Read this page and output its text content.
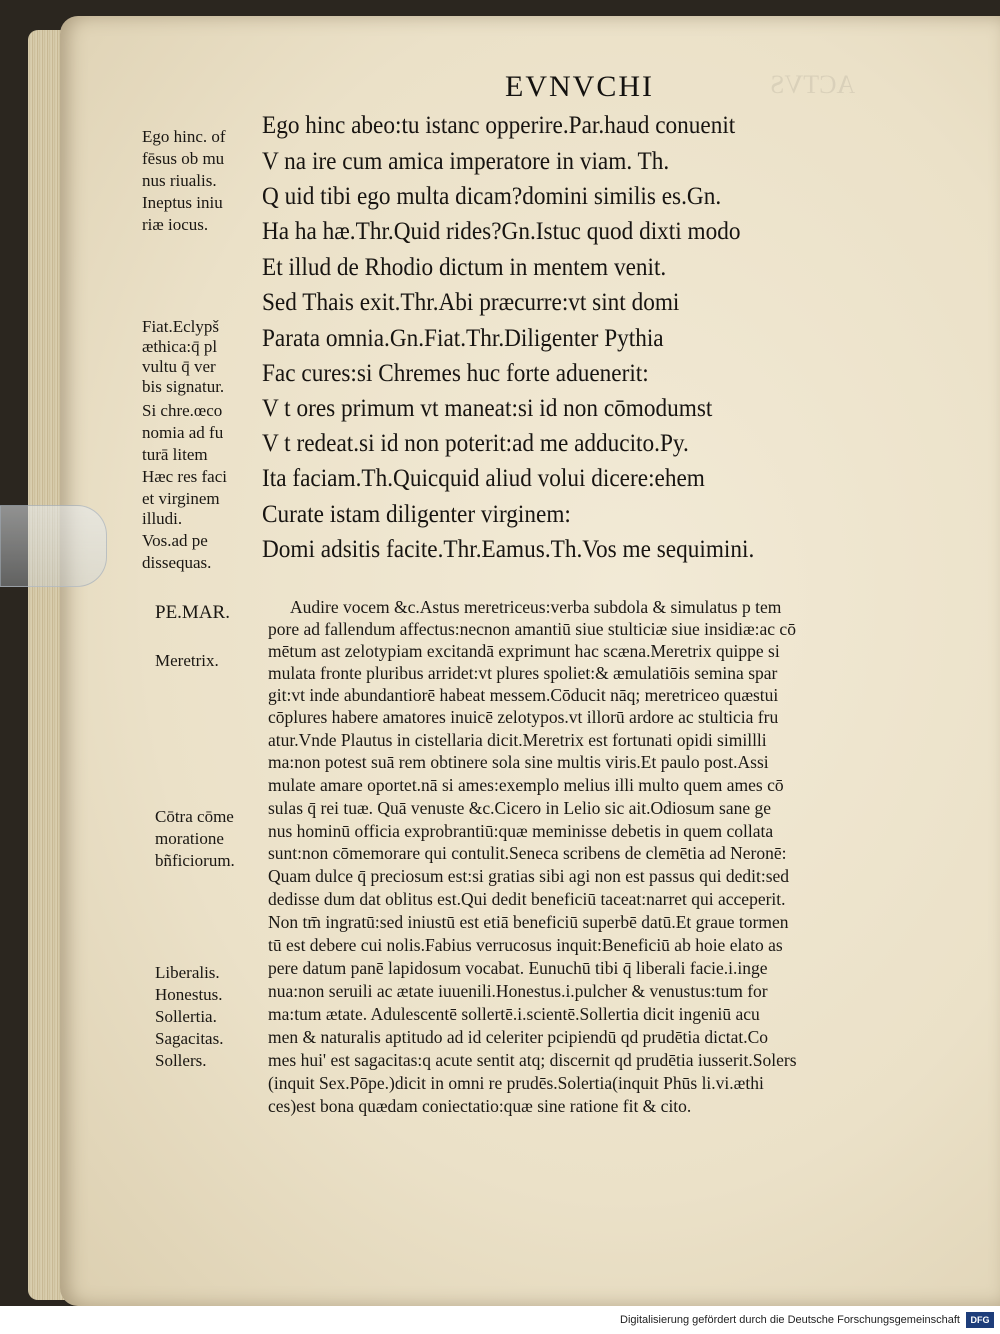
ACTVS
EVNVCHI
Ego hinc abeo:tu istanc opperire.Par.haud conuenit
V na ire cum amica imperatore in viam. Th.
Q uid tibi ego multa dicam?domini similis es.Gn.
Ha ha hæ.Thr.Quid rides?Gn.Istuc quod dixti modo
Et illud de Rhodio dictum in mentem venit.
Sed Thais exit.Thr.Abi præcurre:vt sint domi
Parata omnia.Gn.Fiat.Thr.Diligenter Pythia
Fac cures:si Chremes huc forte aduenerit:
V t ores primum vt maneat:si id non cōmodumst
V t redeat.si id non poterit:ad me adducito.Py.
Ita faciam.Th.Quicquid aliud volui dicere:ehem
Curate istam diligenter virginem:
Domi adsitis facite.Thr.Eamus.Th.Vos me sequimini.
Ego hinc. of
fēsus ob mu
nus riualis.
Ineptus iniu
riæ iocus.
Fiat.Eclypš
æthica:q̄ pl
vultu q̄ ver
bis signatur.
Si chre.œco
nomia ad fu
turā litem
Hæc res faci
et virginem
illudi.
Vos.ad pe
dissequas.
PE.MAR.
Meretrix.
Cōtra cōme
moratione
bñficiorum.
Liberalis.
Honestus.
Sollertia.
Sagacitas.
Sollers.
Audire vocem &c.Astus meretriceus:verba subdola & simulatus p tem
pore ad fallendum affectus:necnon amantiū siue stulticiæ siue insidiæ:ac cō
mētum ast zelotypiam excitandā exprimunt hac scæna.Meretrix quippe si
mulata fronte pluribus arridet:vt plures spoliet:& æmulatiōis semina spar
git:vt inde abundantiorē habeat messem.Cōducit nāq; meretriceo quæstui
cōplures habere amatores inuicē zelotypos.vt illorū ardore ac stulticia fru
atur.Vnde Plautus in cistellaria dicit.Meretrix est fortunati opidi simillli
ma:non potest suā rem obtinere sola sine multis viris.Et paulo post.Assi
mulate amare oportet.nā si ames:exemplo melius illi multo quem ames cō
sulas q̄ rei tuæ. Quā venuste &c.Cicero in Lelio sic ait.Odiosum sane ge
nus hominū officia exprobrantiū:quæ meminisse debetis in quem collata
sunt:non cōmemorare qui contulit.Seneca scribens de clemētia ad Neronē:
Quam dulce q̄ preciosum est:si gratias sibi agi non est passus qui dedit:sed
dedisse dum dat oblitus est.Qui dedit beneficiū taceat:narret qui acceperit.
Non tm̄ ingratū:sed iniustū est etiā beneficiū superbē datū.Et graue tormen
tū est debere cui nolis.Fabius verrucosus inquit:Beneficiū ab hoie elato as
pere datum panē lapidosum vocabat. Eunuchū tibi q̄ liberali facie.i.inge
nua:non seruili ac ætate iuuenili.Honestus.i.pulcher & venustus:tum for
ma:tum ætate. Adulescentē sollertē.i.scientē.Sollertia dicit ingeniū acu
men & naturalis aptitudo ad id celeriter pcipiendū qd prudētia dictat.Co
mes hui' est sagacitas:q acute sentit atq; discernit qd prudētia iusserit.Solers
(inquit Sex.Pōpe.)dicit in omni re prudēs.Solertia(inquit Phūs li.vi.æthi
ces)est bona quædam coniectatio:quæ sine ratione fit & cito.
Digitalisierung gefördert durch die Deutsche Forschungsgemeinschaft	DFG
